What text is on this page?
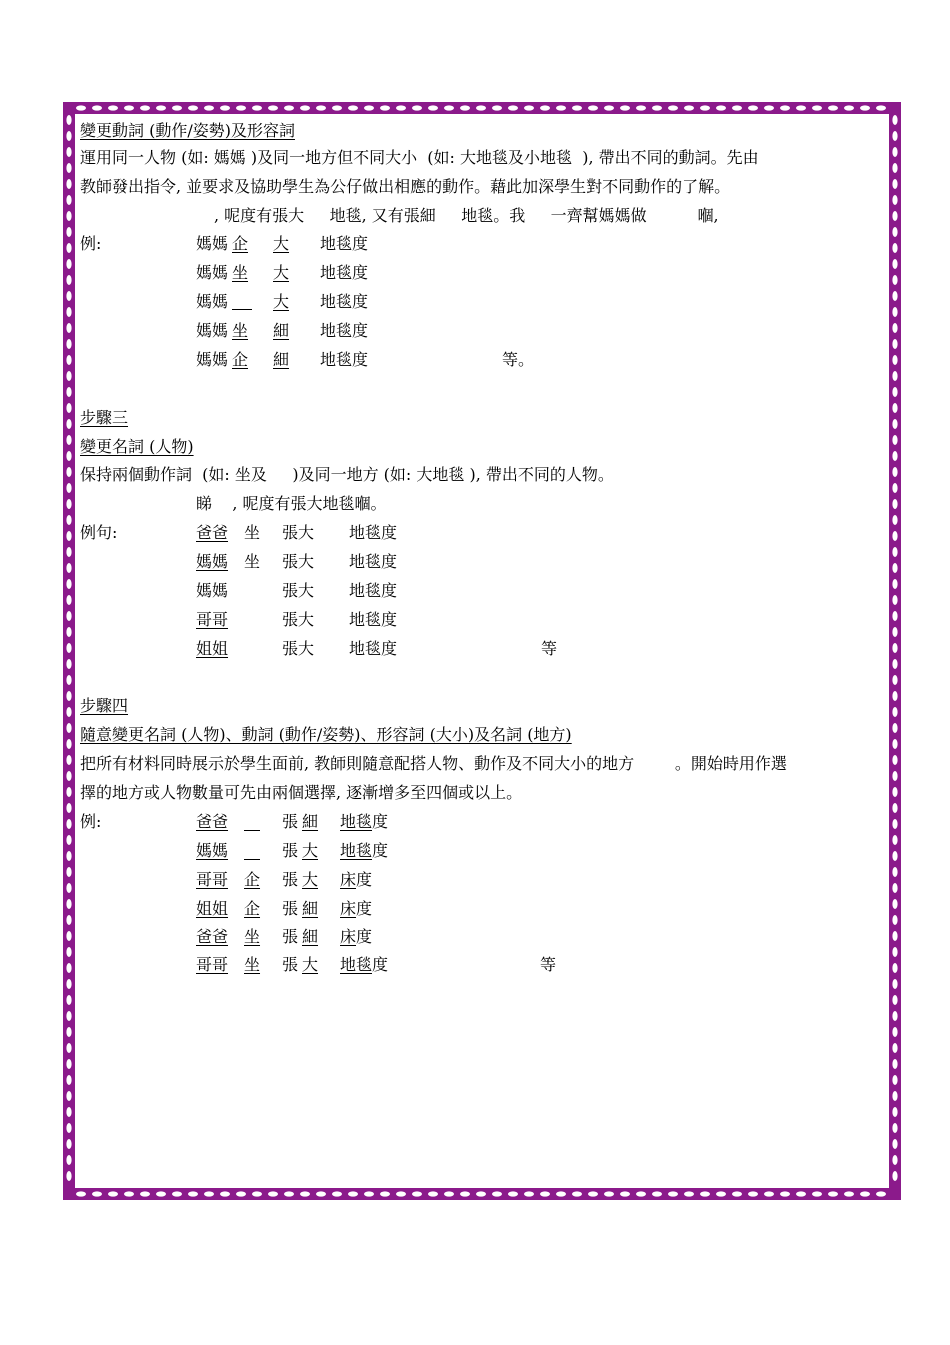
變更動詞 (動作/姿勢)及形容詞
運用同一人物 (如: 媽媽 )及同一地方但不同大小  (如: 大地毯及小地毯  ), 帶出不同的動詞。先由
教師發出指令, 並要求及協助學生為公仔做出相應的動作。藉此加深學生對不同動作的了解。
, 呢度有張大     地毯, 又有張細     地毯。我     一齊幫媽媽做          嗰,
例:	媽媽 企 大 地毯度
媽媽 坐 大 地毯度
媽媽	大 地毯度
媽媽 坐 細 地毯度
媽媽 企 細 地毯度	等。
步驟三
變更名詞 (人物)
保持兩個動作詞  (如: 坐及     )及同一地方 (如: 大地毯 ), 帶出不同的人物。
睇    , 呢度有張大地毯嗰。
例句:	爸爸 坐 張大 地毯度
媽媽 坐 張大 地毯度
媽媽	張大 地毯度
哥哥	張大 地毯度
姐姐	張大 地毯度	等
步驟四
隨意變更名詞 (人物)、動詞 (動作/姿勢)、形容詞 (大小)及名詞 (地方)
把所有材料同時展示於學生面前, 教師則隨意配搭人物、動作及不同大小的地方        。開始時用作選
擇的地方或人物數量可先由兩個選擇, 逐漸增多至四個或以上。
例:	爸爸 __ 張 細 地毯 度
媽媽 __ 張 大 地毯 度
哥哥 企 張 大 床 度
姐姐 企 張 細 床 度
爸爸 坐 張 細 床 度
哥哥 坐 張 大 地毯 度	等
